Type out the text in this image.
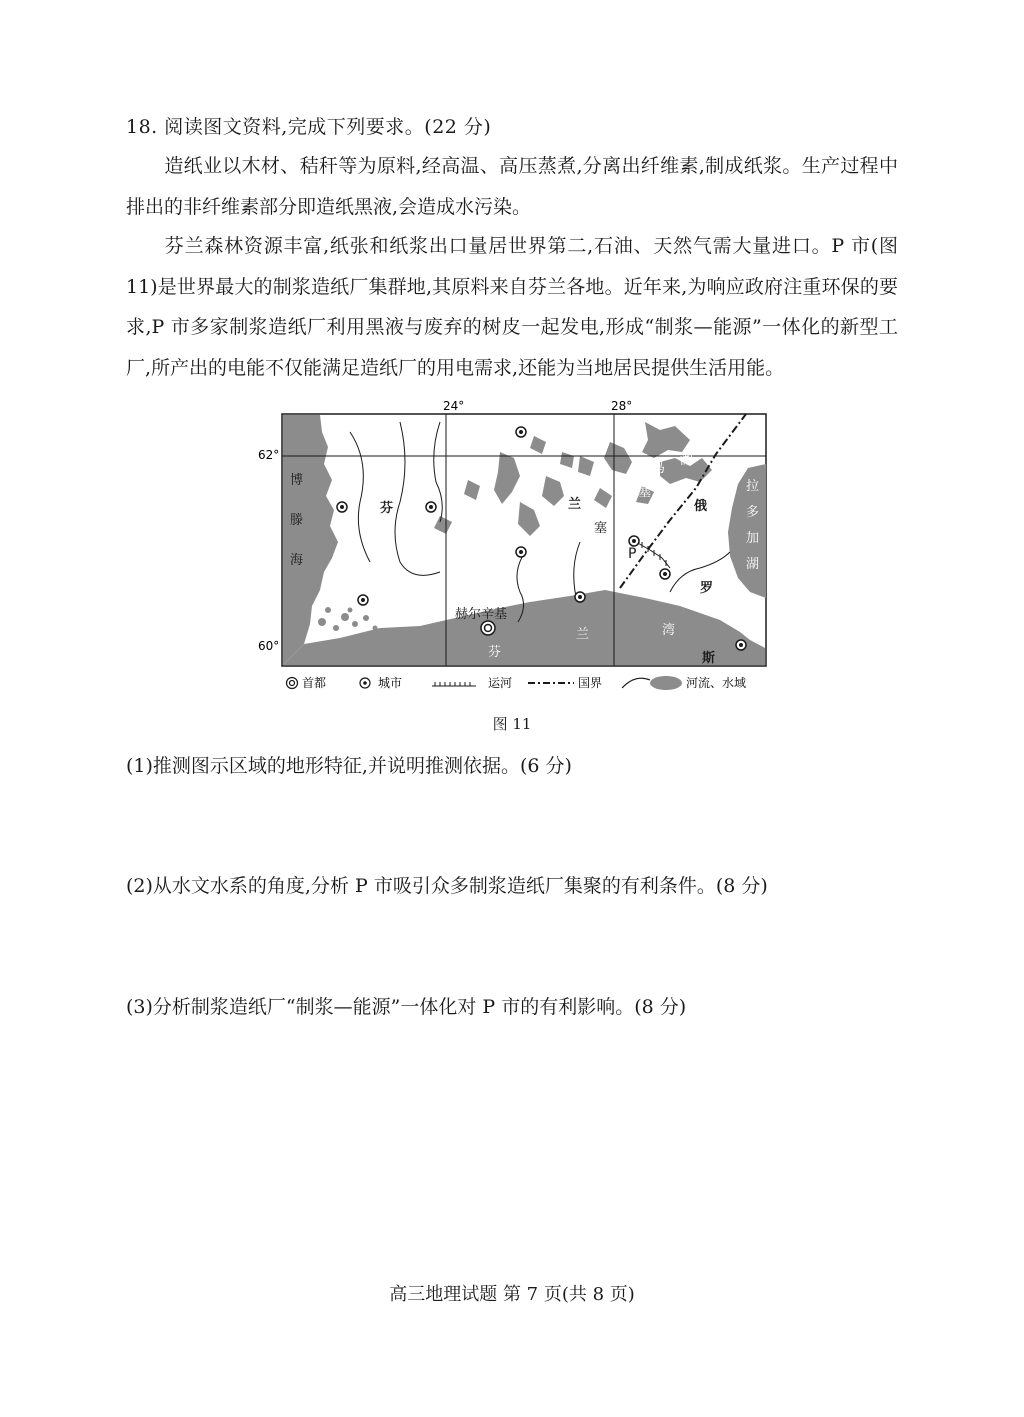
18. 阅读图文资料,完成下列要求。(22 分)
造纸业以木材、秸秆等为原料,经高温、高压蒸煮,分离出纤维素,制成纸浆。生产过程中排出的非纤维素部分即造纸黑液,会造成水污染。
芬兰森林资源丰富,纸张和纸浆出口量居世界第二,石油、天然气需大量进口。P 市(图 11)是世界最大的制浆造纸厂集群地,其原料来自芬兰各地。近年来,为响应政府注重环保的要求,P 市多家制浆造纸厂利用黑液与废弃的树皮一起发电,形成“制浆—能源”一体化的新型工厂,所产出的电能不仅能满足造纸厂的用电需求,还能为当地居民提供生活用能。
24°	28°
62°
60°
博
滕
海
芬	兰
塞
马
湖
塞
俄
罗
斯
拉
多
加
湖
芬
兰	湾
赫尔辛基
P
首都	城市	运河	国界	河流、水域
图 11
(1)推测图示区域的地形特征,并说明推测依据。(6 分)
(2)从水文水系的角度,分析 P 市吸引众多制浆造纸厂集聚的有利条件。(8 分)
(3)分析制浆造纸厂“制浆—能源”一体化对 P 市的有利影响。(8 分)
高三地理试题 第 7 页(共 8 页)
